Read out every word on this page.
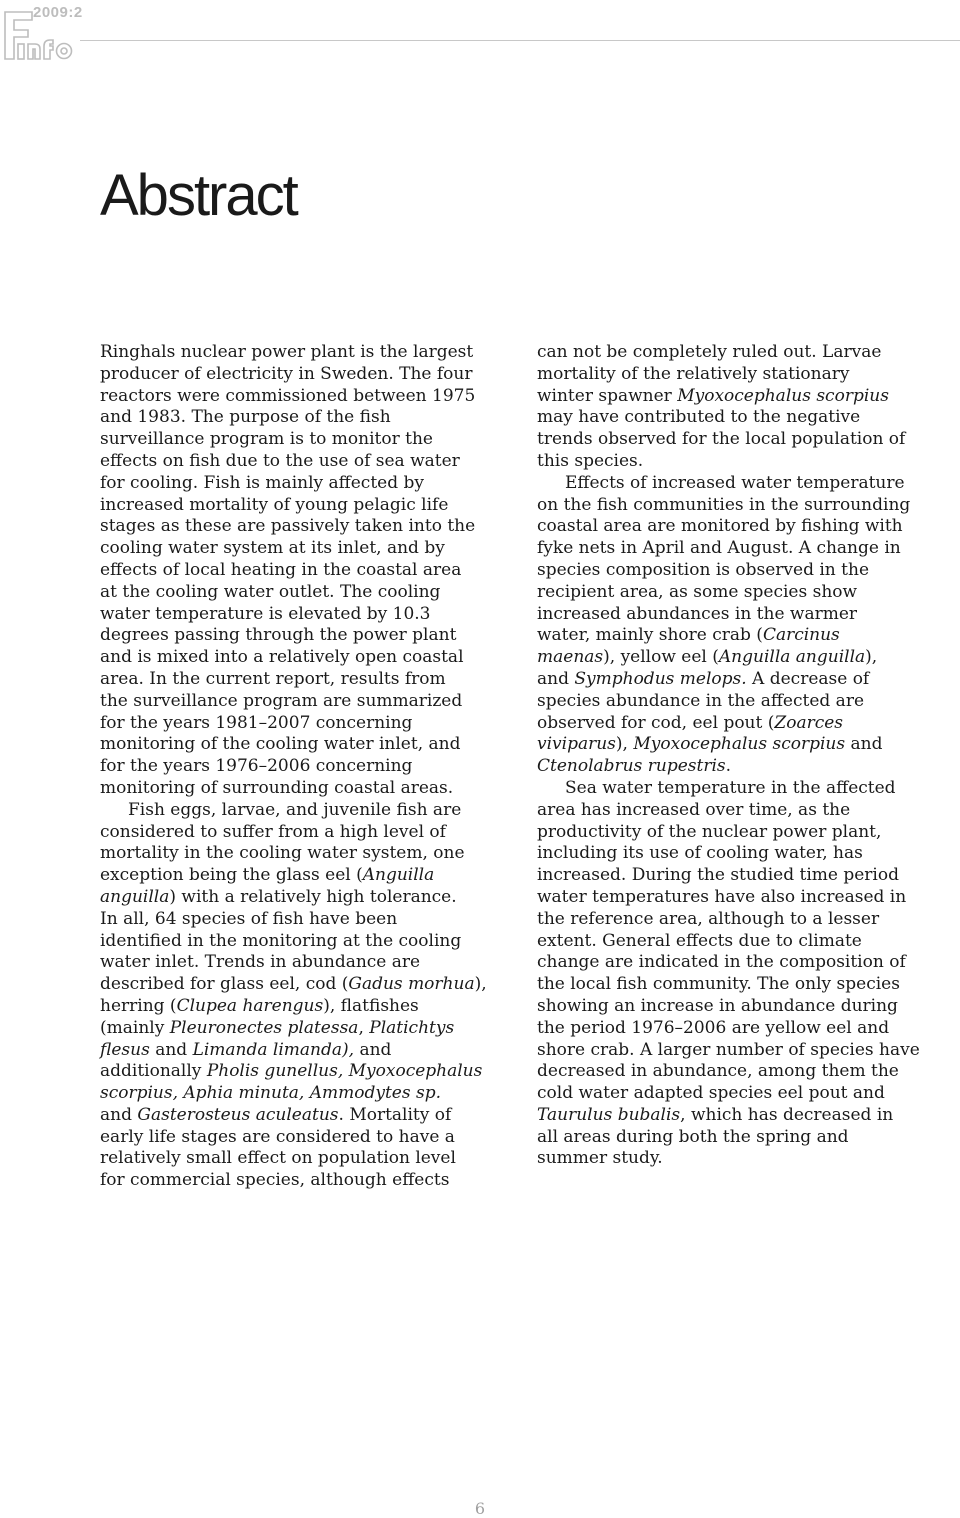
2009:2
Abstract

Ringhals nuclear power plant is the largest
producer of electricity in Sweden. The four
reactors were commissioned between 1975
and 1983. The purpose of the fish
surveillance program is to monitor the
effects on fish due to the use of sea water
for cooling. Fish is mainly affected by
increased mortality of young pelagic life
stages as these are passively taken into the
cooling water system at its inlet, and by
effects of local heating in the coastal area
at the cooling water outlet. The cooling
water temperature is elevated by 10.3
degrees passing through the power plant
and is mixed into a relatively open coastal
area. In the current report, results from
the surveillance program are summarized
for the years 1981–2007 concerning
monitoring of the cooling water inlet, and
for the years 1976–2006 concerning
monitoring of surrounding coastal areas.

Fish eggs, larvae, and juvenile fish are
considered to suffer from a high level of
mortality in the cooling water system, one
exception being the glass eel (Anguilla
anguilla) with a relatively high tolerance.
In all, 64 species of fish have been
identified in the monitoring at the cooling
water inlet. Trends in abundance are
described for glass eel, cod (Gadus morhua),
herring (Clupea harengus), flatfishes
(mainly Pleuronectes platessa, Platichtys
flesus and Limanda limanda), and
additionally Pholis gunellus, Myoxocephalus
scorpius, Aphia minuta, Ammodytes sp.
and Gasterosteus aculeatus. Mortality of
early life stages are considered to have a
relatively small effect on population level
for commercial species, although effects

can not be completely ruled out. Larvae
mortality of the relatively stationary
winter spawner Myoxocephalus scorpius
may have contributed to the negative
trends observed for the local population of
this species.

Effects of increased water temperature
on the fish communities in the surrounding
coastal area are monitored by fishing with
fyke nets in April and August. A change in
species composition is observed in the
recipient area, as some species show
increased abundances in the warmer
water, mainly shore crab (Carcinus
maenas), yellow eel (Anguilla anguilla),
and Symphodus melops. A decrease of
species abundance in the affected are
observed for cod, eel pout (Zoarces
viviparus), Myoxocephalus scorpius and
Ctenolabrus rupestris.

Sea water temperature in the affected
area has increased over time, as the
productivity of the nuclear power plant,
including its use of cooling water, has
increased. During the studied time period
water temperatures have also increased in
the reference area, although to a lesser
extent. General effects due to climate
change are indicated in the composition of
the local fish community. The only species
showing an increase in abundance during
the period 1976–2006 are yellow eel and
shore crab. A larger number of species have
decreased in abundance, among them the
cold water adapted species eel pout and
Taurulus bubalis, which has decreased in
all areas during both the spring and
summer study.

6
